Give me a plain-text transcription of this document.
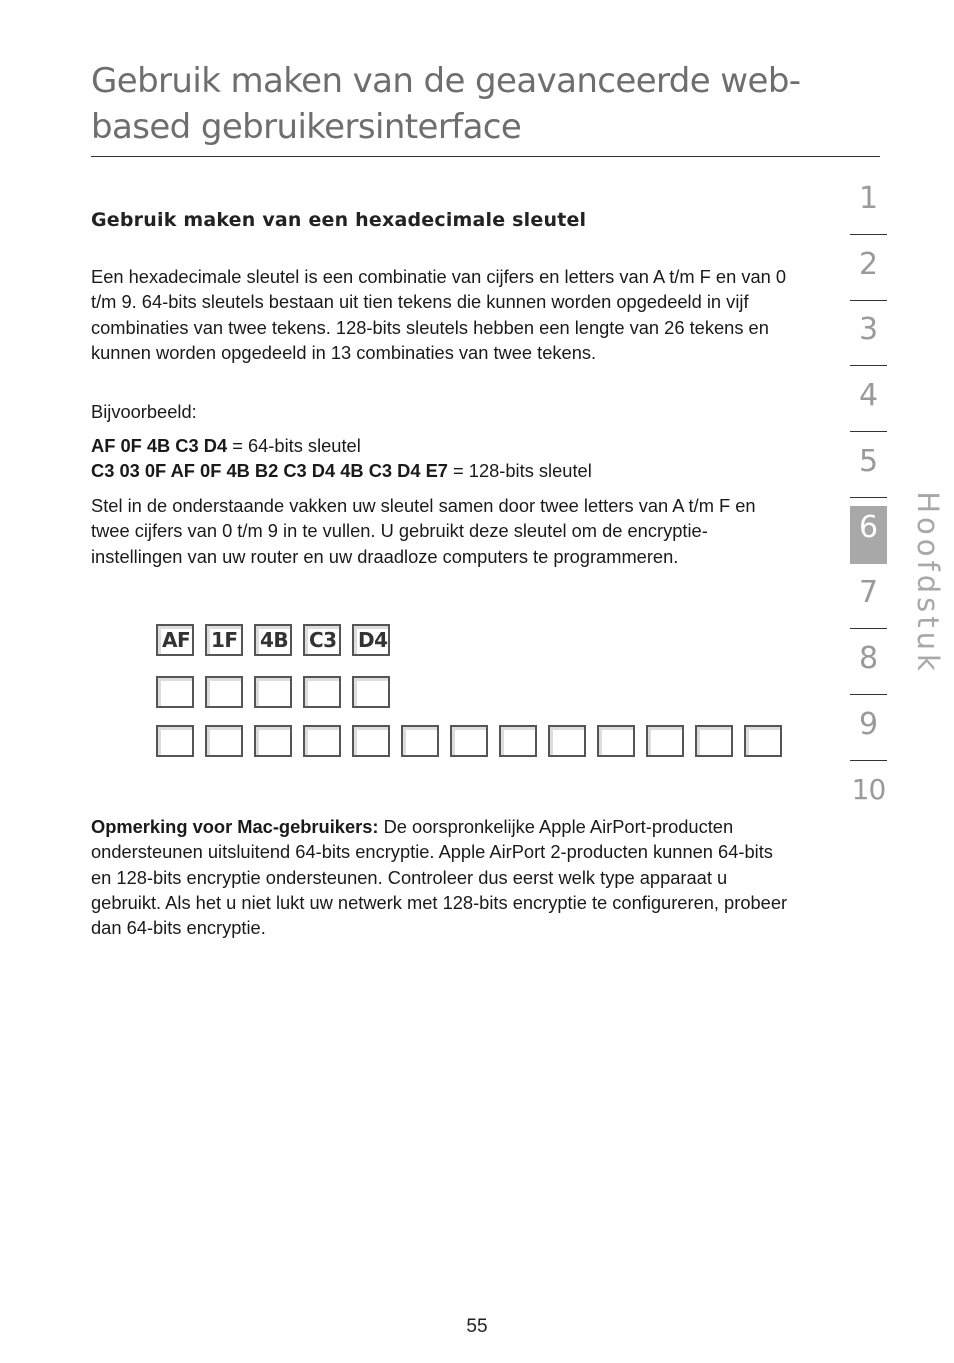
Gebruik maken van de geavanceerde web-based gebruikersinterface
Gebruik maken van een hexadecimale sleutel

Een hexadecimale sleutel is een combinatie van cijfers en letters van A t/m F en van 0 t/m 9. 64-bits sleutels bestaan uit tien tekens die kunnen worden opgedeeld in vijf combinaties van twee tekens. 128-bits sleutels hebben een lengte van 26 tekens en kunnen worden opgedeeld in 13 combinaties van twee tekens.

Bijvoorbeeld:

AF 0F 4B C3 D4 = 64-bits sleutel
C3 03 0F AF 0F 4B B2 C3 D4 4B C3 D4 E7 = 128-bits sleutel

Stel in de onderstaande vakken uw sleutel samen door twee letters van A t/m F en twee cijfers van 0 t/m 9 in te vullen. U gebruikt deze sleutel om de encryptie-instellingen van uw router en uw draadloze computers te programmeren.

AF 1F 4B C3 D4

Opmerking voor Mac-gebruikers: De oorspronkelijke Apple AirPort-producten ondersteunen uitsluitend 64-bits encryptie. Apple AirPort 2-producten kunnen 64-bits en 128-bits encryptie ondersteunen. Controleer dus eerst welk type apparaat u gebruikt. Als het u niet lukt uw netwerk met 128-bits encryptie te configureren, probeer dan 64-bits encryptie.

1
2
3
4
5
6
7
8
9
10
Hoofdstuk
55
